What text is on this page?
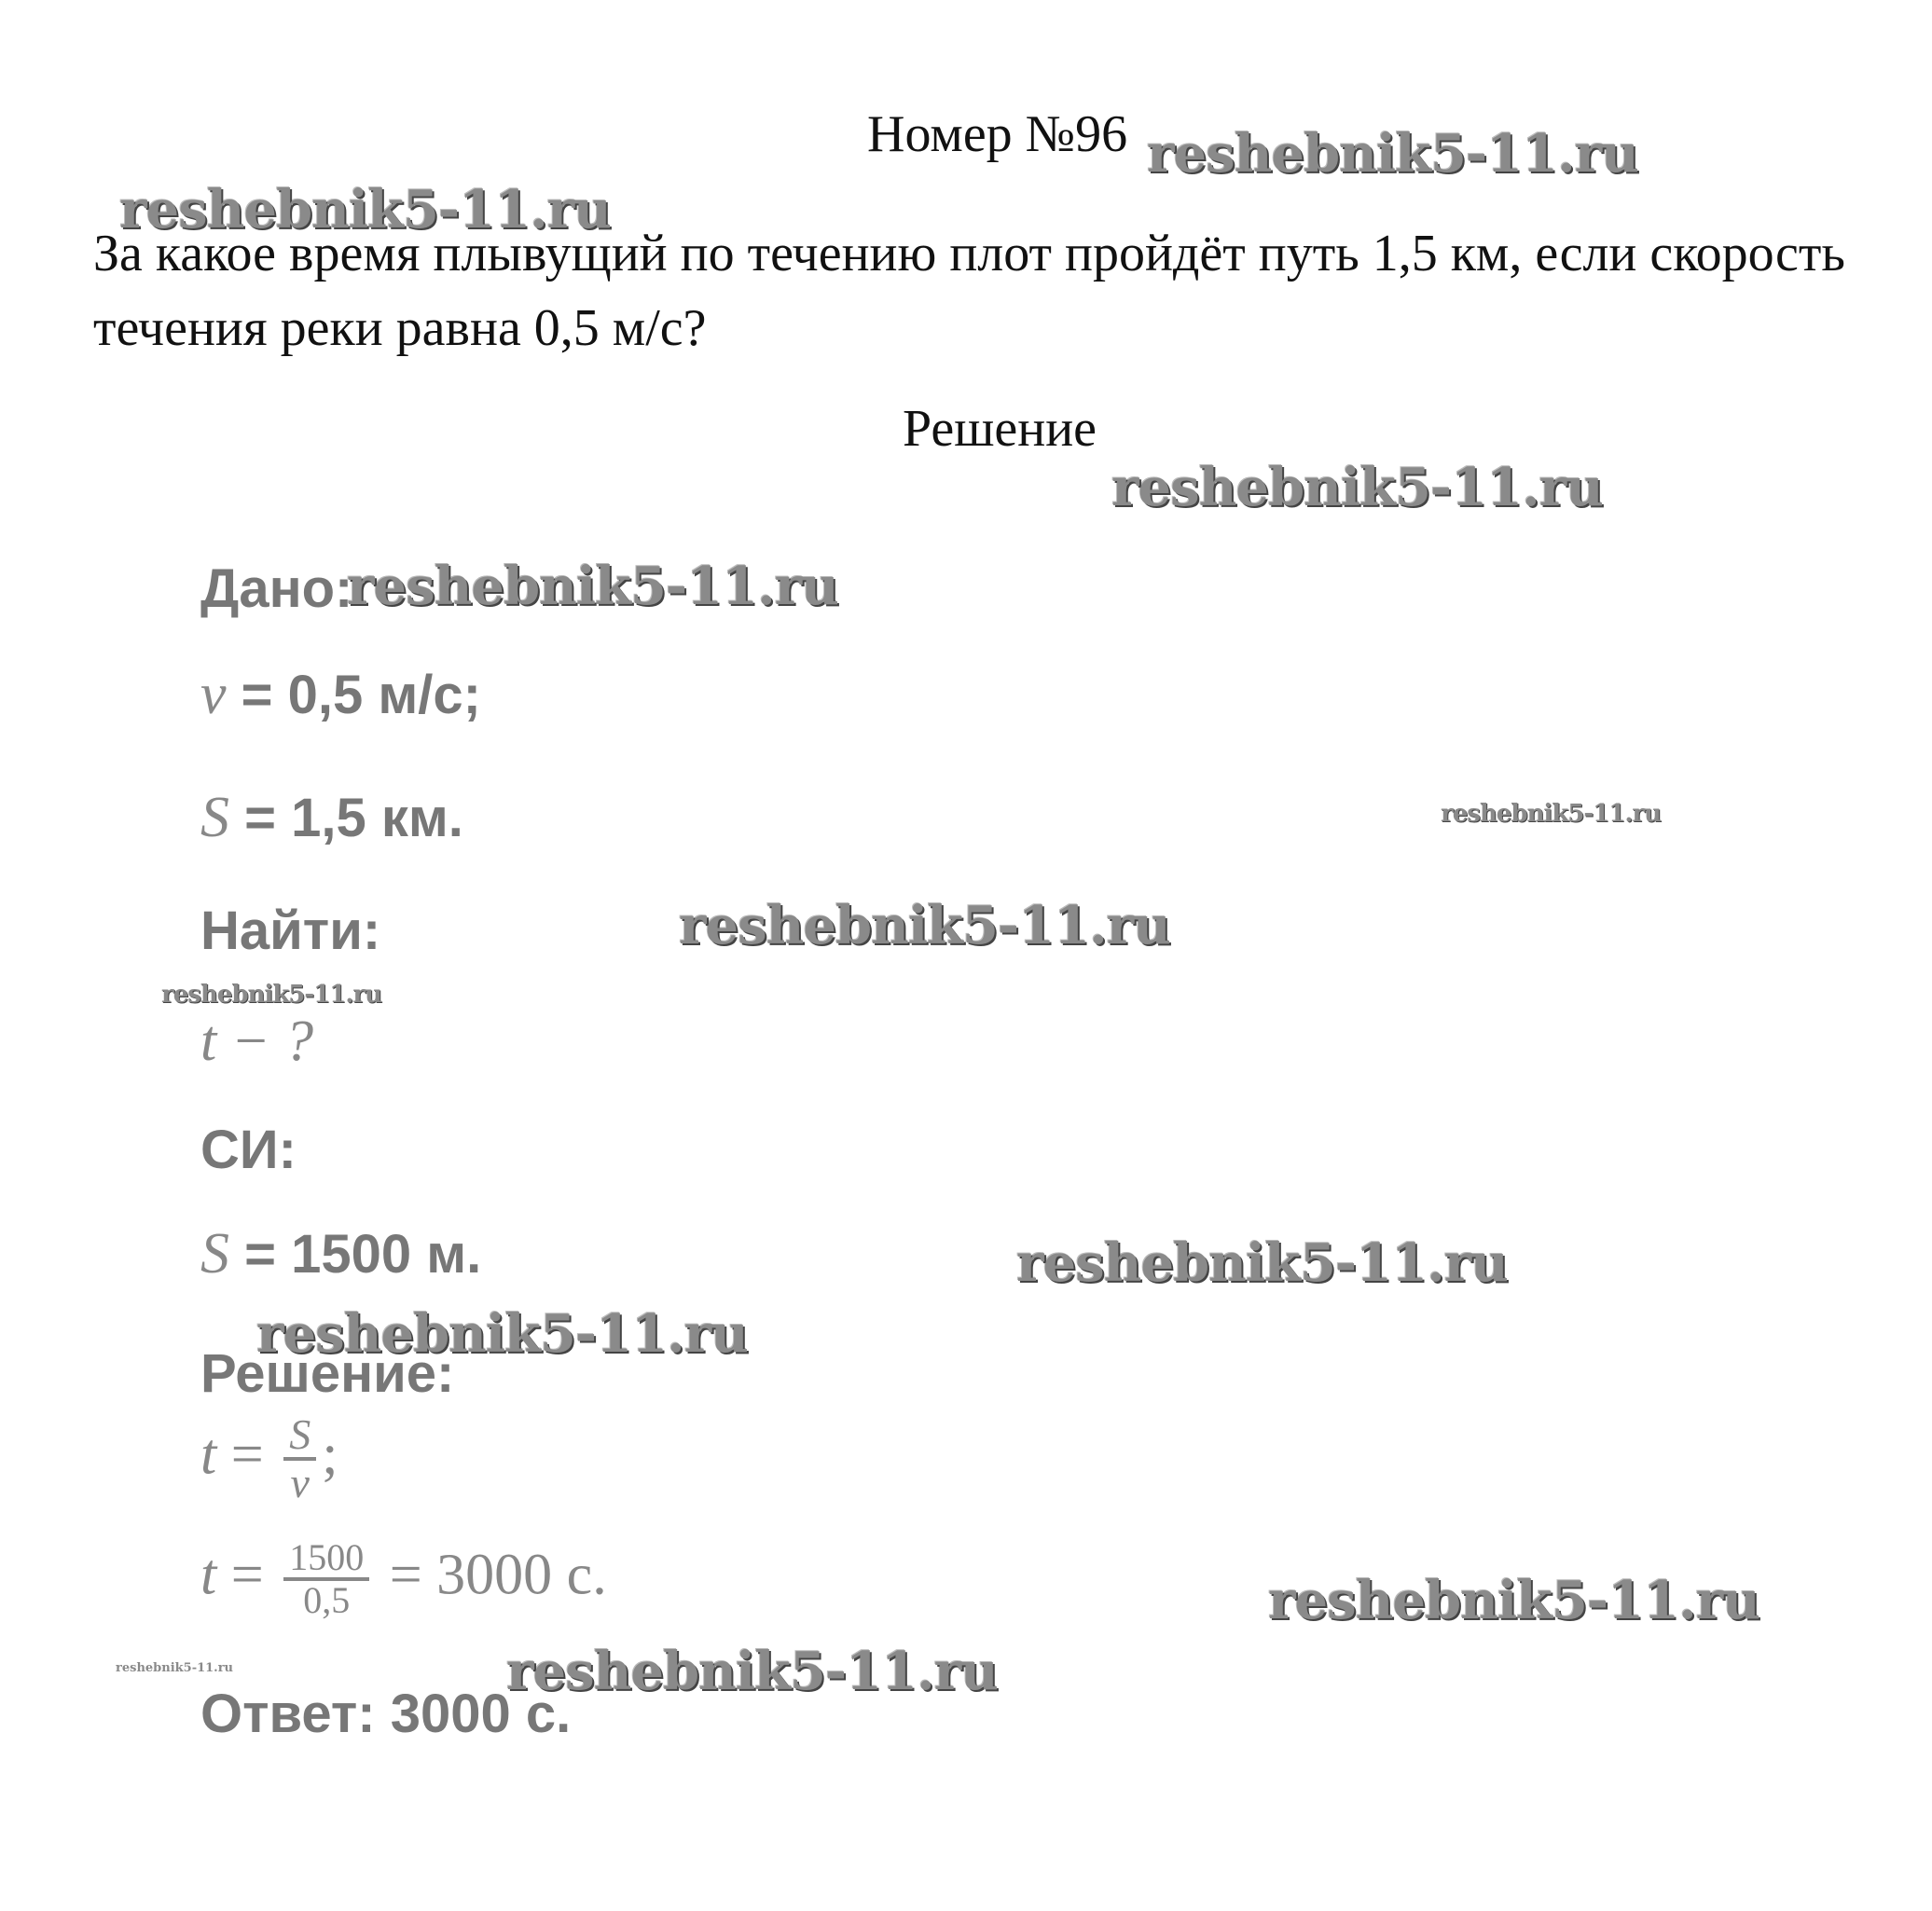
Номер №96
За какое время плывущий по течению плот пройдёт путь 1,5 км, если скорость течения реки равна 0,5 м/с?
Решение
Дано:
v = 0,5 м/с;
S = 1,5 км.
Найти:
t − ?
СИ:
S = 1500 м.
Решение:
$t = \frac{S}{v}$ ;
$t = \frac{1500}{0,5} = 3000$ с.
Ответ: 3000 с.
reshebnik5-11.ru
reshebnik5-11.ru
reshebnik5-11.ru
reshebnik5-11.ru
reshebnik5-11.ru
reshebnik5-11.ru
reshebnik5-11.ru
reshebnik5-11.ru
reshebnik5-11.ru
reshebnik5-11.ru
reshebnik5-11.ru	reshebnik5-11.ru
